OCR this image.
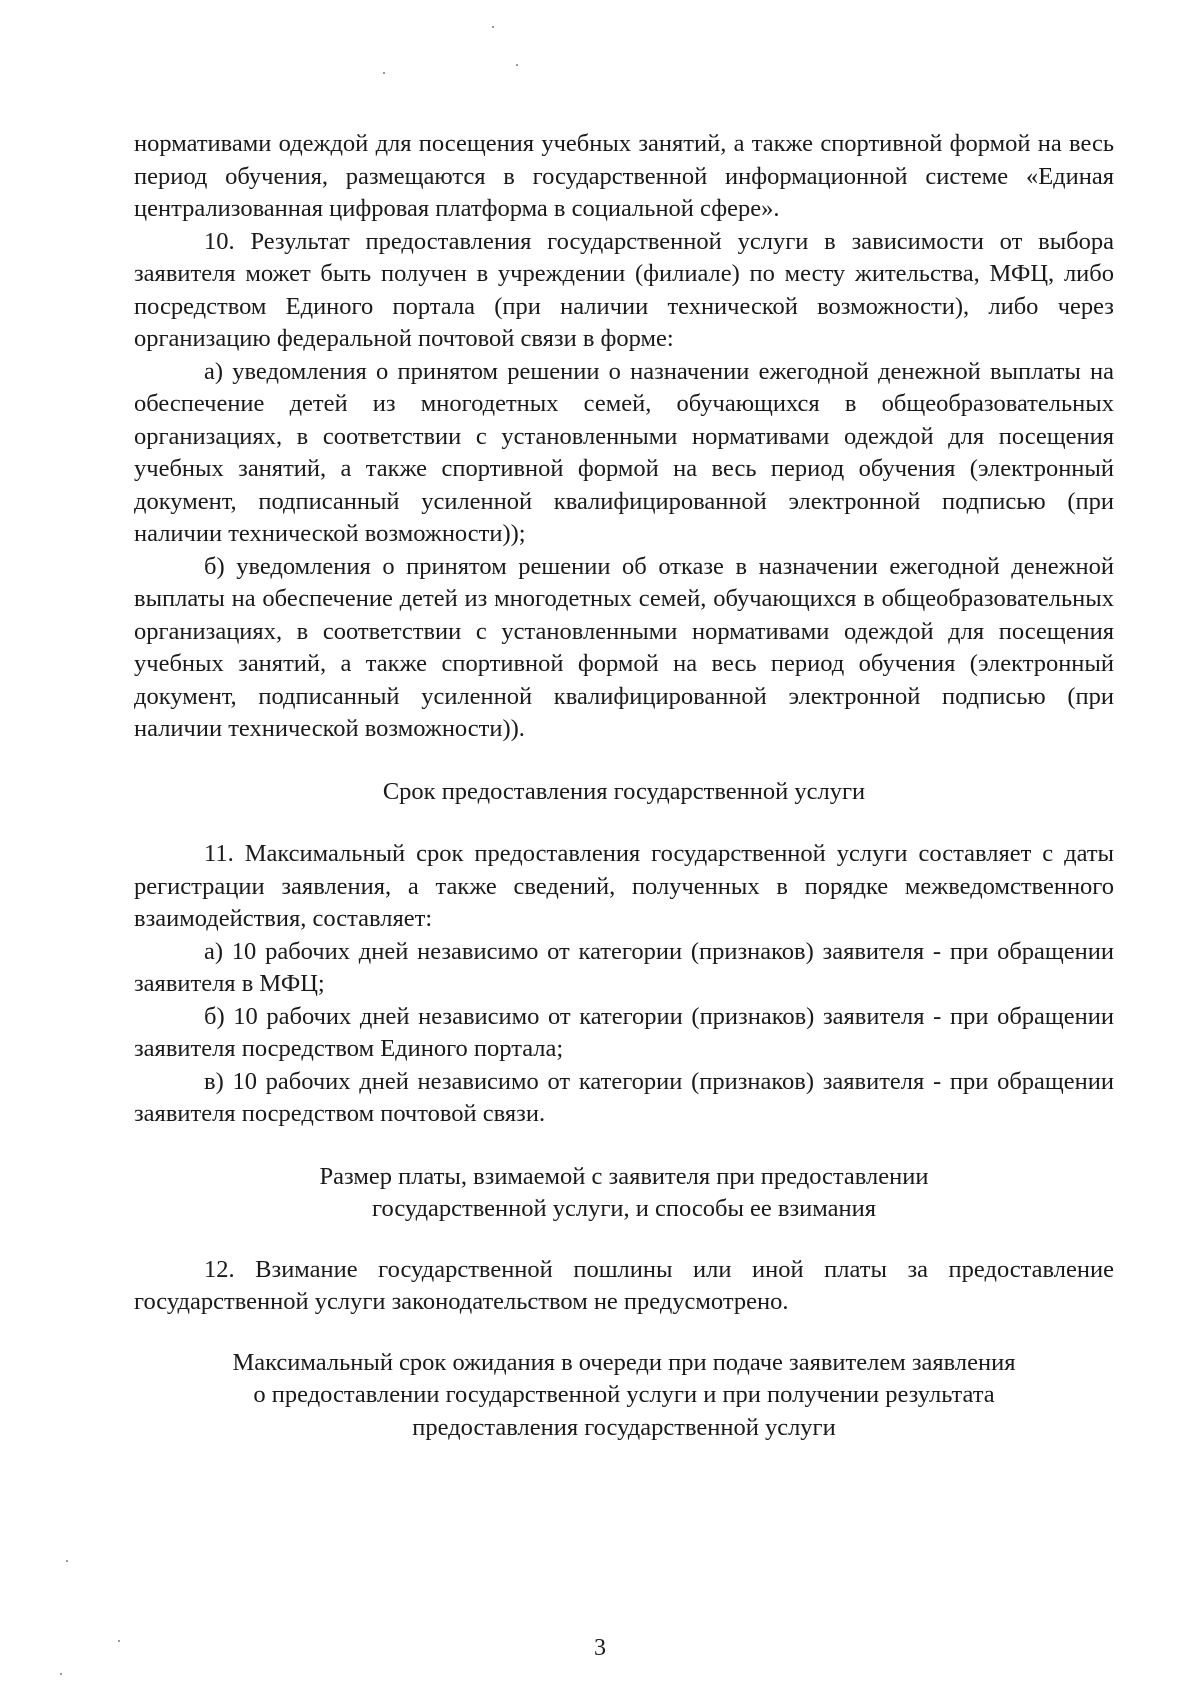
нормативами одеждой для посещения учебных занятий, а также спортивной формой на весь период обучения, размещаются в государственной информационной системе «Единая централизованная цифровая платформа в социальной сфере».

10. Результат предоставления государственной услуги в зависимости от выбора заявителя может быть получен в учреждении (филиале) по месту жительства, МФЦ, либо посредством Единого портала (при наличии технической возможности), либо через организацию федеральной почтовой связи в форме:

а) уведомления о принятом решении о назначении ежегодной денежной выплаты на обеспечение детей из многодетных семей, обучающихся в общеобразовательных организациях, в соответствии с установленными нормативами одеждой для посещения учебных занятий, а также спортивной формой на весь период обучения (электронный документ, подписанный усиленной квалифицированной электронной подписью (при наличии технической возможности));

б) уведомления о принятом решении об отказе в назначении ежегодной денежной выплаты на обеспечение детей из многодетных семей, обучающихся в общеобразовательных организациях, в соответствии с установленными нормативами одеждой для посещения учебных занятий, а также спортивной формой на весь период обучения (электронный документ, подписанный усиленной квалифицированной электронной подписью (при наличии технической возможности)).

Срок предоставления государственной услуги

11. Максимальный срок предоставления государственной услуги составляет с даты регистрации заявления, а также сведений, полученных в порядке межведомственного взаимодействия, составляет:

а) 10 рабочих дней независимо от категории (признаков) заявителя - при обращении заявителя в МФЦ;

б) 10 рабочих дней независимо от категории (признаков) заявителя - при обращении заявителя посредством Единого портала;

в) 10 рабочих дней независимо от категории (признаков) заявителя - при обращении заявителя посредством почтовой связи.

Размер платы, взимаемой с заявителя при предоставлении
государственной услуги, и способы ее взимания

12. Взимание государственной пошлины или иной платы за предоставление государственной услуги законодательством не предусмотрено.

Максимальный срок ожидания в очереди при подаче заявителем заявления
о предоставлении государственной услуги и при получении результата
предоставления государственной услуги
3
